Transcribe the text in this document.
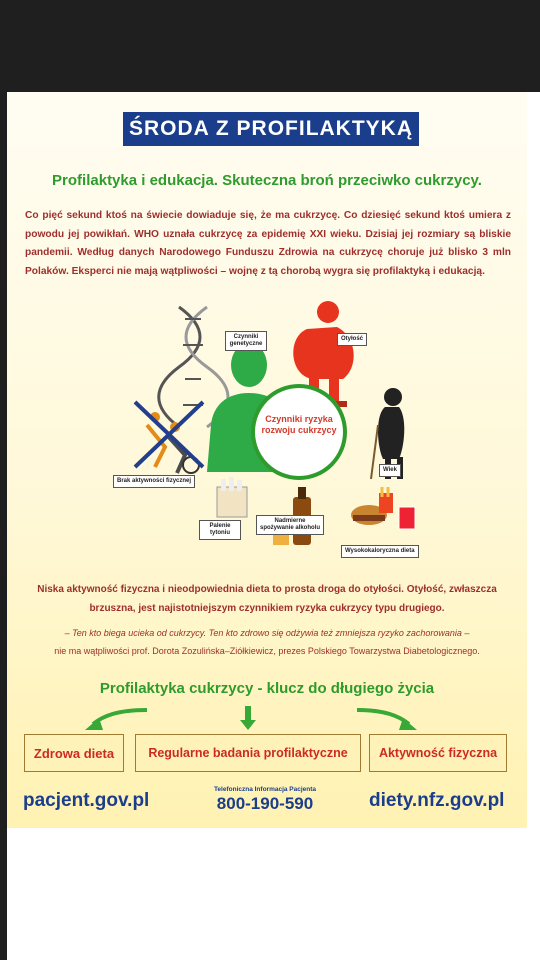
ŚRODA Z PROFILAKTYKĄ
Profilaktyka i edukacja. Skuteczna broń przeciwko cukrzycy.
Co pięć sekund ktoś na świecie dowiaduje się, że ma cukrzycę. Co dziesięć sekund ktoś umiera z powodu jej powikłań. WHO uznała cukrzycę za epidemię XXI wieku. Dzisiaj jej rozmiary są bliskie pandemii. Według danych Narodowego Funduszu Zdrowia na cukrzycę choruje już blisko 3 mln Polaków. Eksperci nie mają wątpliwości – wojnę z tą chorobą wygra się profilaktyką i edukacją.
Czynniki genetyczne
Otyłość
Brak aktywności fizycznej
Wiek
Palenie tytoniu
Nadmierne spożywanie alkoholu
Wysokokaloryczna dieta
Czynniki ryzyka rozwoju cukrzycy
Niska aktywność fizyczna i nieodpowiednia dieta to prosta droga do otyłości. Otyłość, zwłaszcza brzuszna, jest najistotniejszym czynnikiem ryzyka cukrzycy typu drugiego.
– Ten kto biega ucieka od cukrzycy. Ten kto zdrowo się odżywia też zmniejsza ryzyko zachorowania –
nie ma wątpliwości prof. Dorota Zozulińska–Ziółkiewicz, prezes Polskiego Towarzystwa Diabetologicznego.
Profilaktyka cukrzycy - klucz do długiego życia
Zdrowa dieta	Regularne badania profilaktyczne	Aktywność fizyczna
pacjent.gov.pl
Telefoniczna Informacja Pacjenta
800-190-590	diety.nfz.gov.pl
